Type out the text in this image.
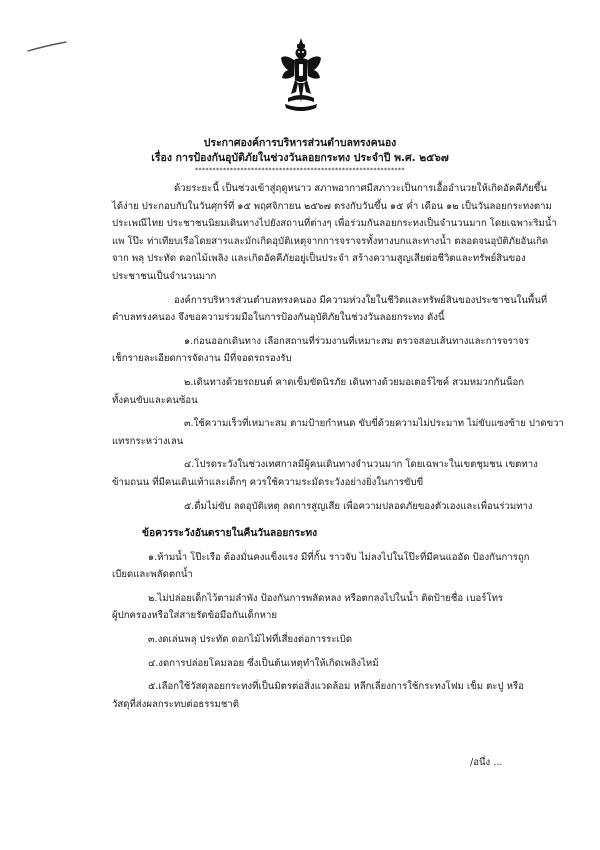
ประกาศองค์การบริหารส่วนตำบลทรงคนอง
เรื่อง การป้องกันอุบัติภัยในช่วงวันลอยกระทง ประจำปี พ.ศ. ๒๕๖๗
************************************************************

ด้วยระยะนี้ เป็นช่วงเข้าสู่ฤดูหนาว สภาพอากาศมีสภาวะเป็นการเอื้ออำนวยให้เกิดอัคคีภัยขึ้น

ได้ง่าย ประกอบกับในวันศุกร์ที่ ๑๕ พฤศจิกายน ๒๕๖๗ ตรงกับวันขึ้น ๑๕ ค่ำ เดือน ๑๒ เป็นวันลอยกระทงตาม

ประเพณีไทย ประชาชนนิยมเดินทางไปยังสถานที่ต่างๆ เพื่อร่วมกันลอยกระทงเป็นจำนวนมาก โดยเฉพาะริมน้ำ

แพ โป๊ะ ท่าเทียบเรือโดยสารและมักเกิดอุบัติเหตุจากการจราจรทั้งทางบกและทางน้ำ ตลอดจนอุบัติภัยอันเกิด

จาก พลุ ประทัด ดอกไม้เพลิง และเกิดอัคคีภัยอยู่เป็นประจำ สร้างความสูญเสียต่อชีวิตและทรัพย์สินของ

ประชาชนเป็นจำนวนมาก

องค์การบริหารส่วนตำบลทรงคนอง มีความห่วงใยในชีวิตและทรัพย์สินของประชาชนในพื้นที่

ตำบลทรงคนอง จึงขอความร่วมมือในการป้องกันอุบัติภัยในช่วงวันลอยกระทง ดังนี้

๑.ก่อนออกเดินทาง เลือกสถานที่ร่วมงานที่เหมาะสม ตรวจสอบเส้นทางและการจราจร

เช็กรายละเอียดการจัดงาน มีที่จอดรถรองรับ

๒.เดินทางด้วยรถยนต์ คาดเข็มขัดนิรภัย เดินทางด้วยมอเตอร์ไซค์ สวมหมวกกันน็อก

ทั้งคนขับและคนซ้อน

๓.ใช้ความเร็วที่เหมาะสม ตามป้ายกำหนด ขับขี่ด้วยความไม่ประมาท ไม่ขับแซงซ้าย ปาดขวา

แทรกระหว่างเลน

๔.โปรดระวังในช่วงเทศกาลมีผู้คนเดินทางจำนวนมาก โดยเฉพาะในเขตชุมชน เขตทาง

ข้ามถนน ที่มีคนเดินเท้าและเด็กๆ ควรใช้ความระมัดระวังอย่างยิ่งในการขับขี่

๕.ดื่มไม่ขับ ลดอุบัติเหตุ ลดการสูญเสีย เพื่อความปลอดภัยของตัวเองและเพื่อนร่วมทาง

ข้อควรระวังอันตรายในคืนวันลอยกระทง

๑.ห้ามน้ำ โป๊ะเรือ ต้องมั่นคงแข็งแรง มีที่กั้น ราวจับ ไม่ลงไปในโป๊ะที่มีคนแออัด ป้องกันการถูก

เบียดและพลัดตกน้ำ

๒.ไม่ปล่อยเด็กไว้ตามลำพัง ป้องกันการพลัดหลง หรือตกลงไปในน้ำ ติดป้ายชื่อ เบอร์โทร

ผู้ปกครองหรือใส่สายรัดข้อมือกันเด็กหาย

๓.งดเล่นพลุ ประทัด ดอกไม้ไฟที่เสี่ยงต่อการระเบิด

๔.งดการปล่อยโคมลอย ซึ่งเป็นต้นเหตุทำให้เกิดเพลิงไหม้

๕.เลือกใช้วัสดุลอยกระทงที่เป็นมิตรต่อสิ่งแวดล้อม หลีกเลี่ยงการใช้กระทงโฟม เข็ม ตะปู หรือ

วัสดุที่ส่งผลกระทบต่อธรรมชาติ

/อนึ่ง ...
